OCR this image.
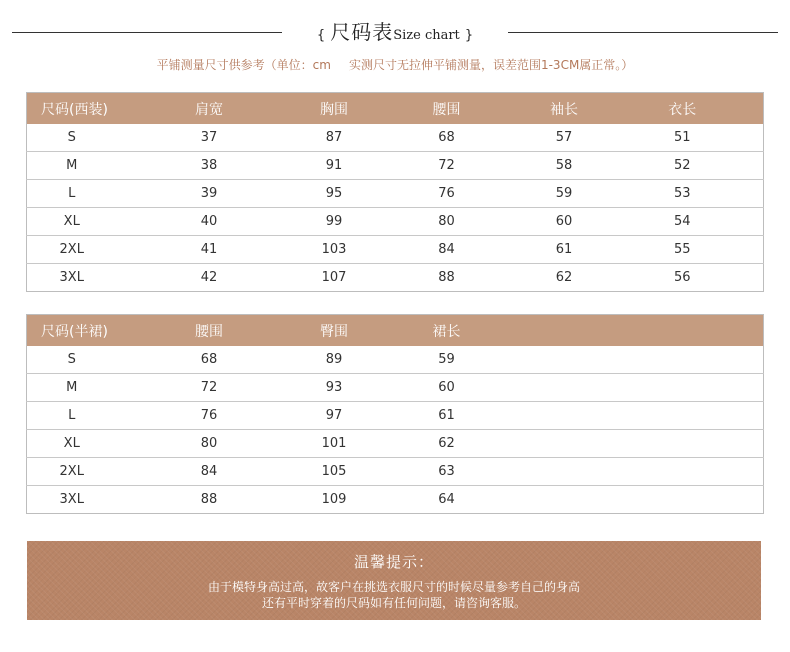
{ 尺码表Size chart }
平铺测量尺寸供参考（单位：cm 实测尺寸无拉伸平铺测量，误差范围1-3CM属正常。）
尺码(西装)	肩宽	胸围	腰围	袖长	衣长
S	37	87	68	57	51
M	38	91	72	58	52
L	39	95	76	59	53
XL	40	99	80	60	54
2XL	41	103	84	61	55
3XL	42	107	88	62	56
尺码(半裙)	腰围	臀围	裙长		
S	68	89	59		
M	72	93	60		
L	76	97	61		
XL	80	101	62		
2XL	84	105	63		
3XL	88	109	64		
温馨提示：
由于模特身高过高，故客户在挑选衣服尺寸的时候尽量参考自己的身高
还有平时穿着的尺码如有任何问题，请咨询客服。
